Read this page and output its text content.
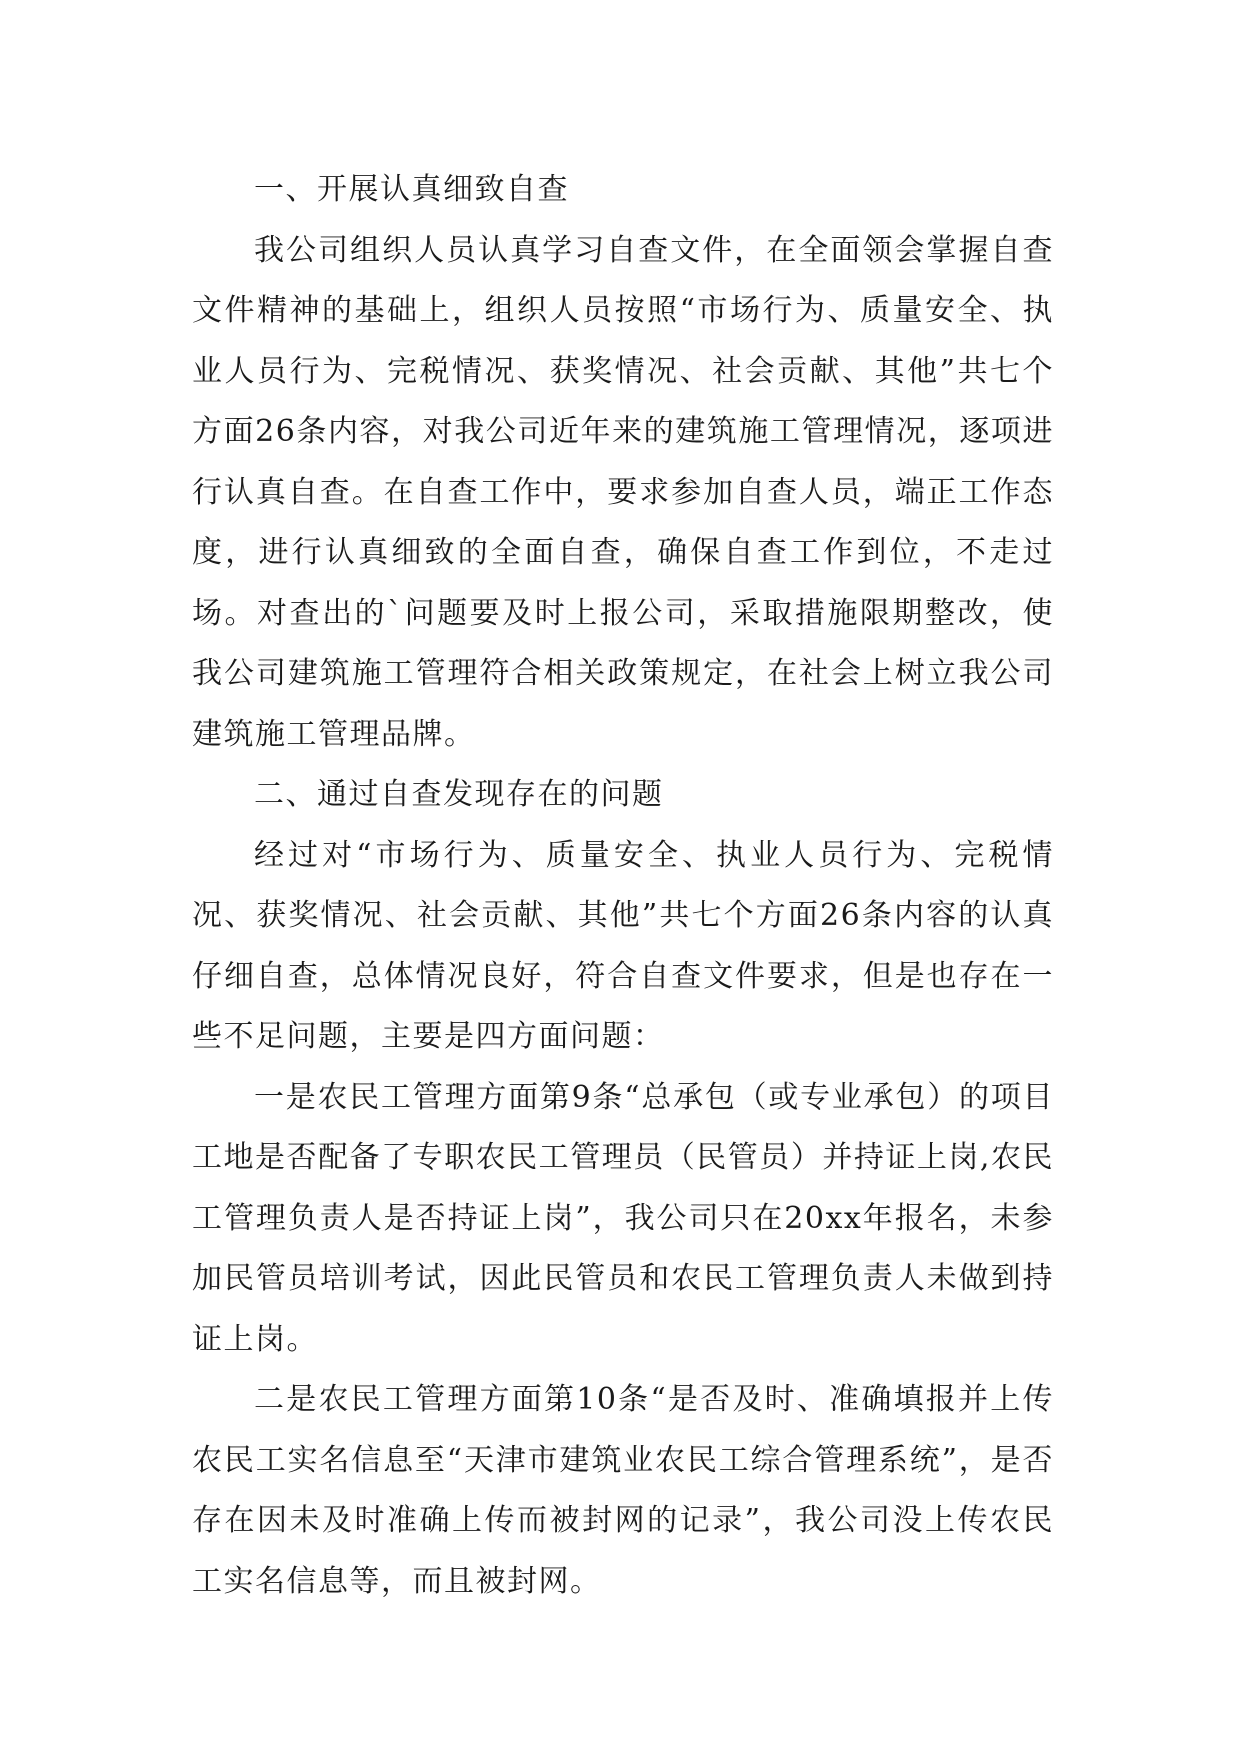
一、开展认真细致自查

我公司组织人员认真学习自查文件，在全面领会掌握自查文件精神的基础上，组织人员按照“市场行为、质量安全、执业人员行为、完税情况、获奖情况、社会贡献、其他”共七个方面26条内容，对我公司近年来的建筑施工管理情况，逐项进行认真自查。在自查工作中，要求参加自查人员，端正工作态度，进行认真细致的全面自查，确保自查工作到位，不走过场。对查出的`问题要及时上报公司，采取措施限期整改，使我公司建筑施工管理符合相关政策规定，在社会上树立我公司建筑施工管理品牌。

二、通过自查发现存在的问题

经过对“市场行为、质量安全、执业人员行为、完税情况、获奖情况、社会贡献、其他”共七个方面26条内容的认真仔细自查，总体情况良好，符合自查文件要求，但是也存在一些不足问题，主要是四方面问题：

一是农民工管理方面第9条“总承包（或专业承包）的项目工地是否配备了专职农民工管理员（民管员）并持证上岗,农民工管理负责人是否持证上岗”，我公司只在20xx年报名，未参加民管员培训考试，因此民管员和农民工管理负责人未做到持证上岗。

二是农民工管理方面第10条“是否及时、准确填报并上传农民工实名信息至“天津市建筑业农民工综合管理系统”，是否存在因未及时准确上传而被封网的记录”，我公司没上传农民工实名信息等，而且被封网。
